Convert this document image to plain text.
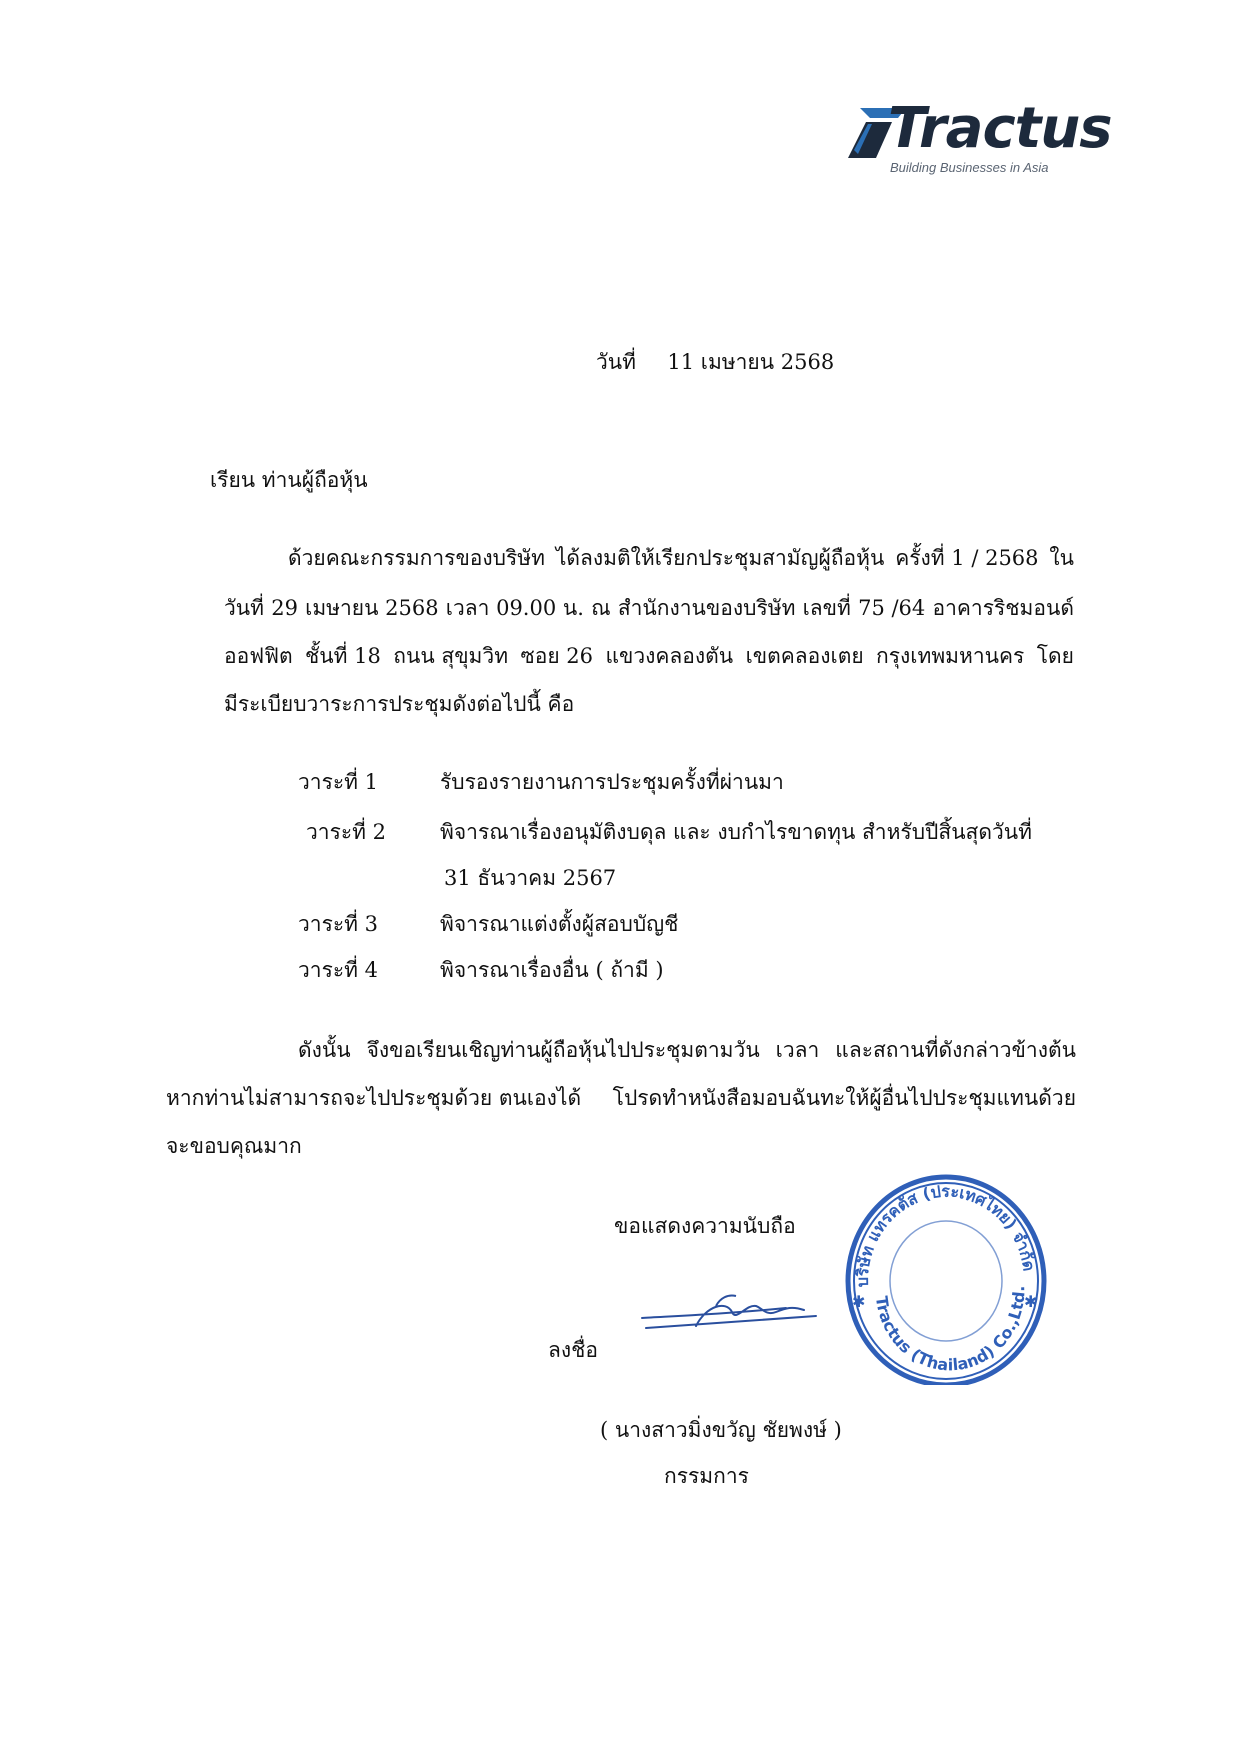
Tractus
Building Businesses in Asia
วันที่ 11 เมษายน 2568
เรียน ท่านผู้ถือหุ้น
ด้วยคณะกรรมการของบริษัท ได้ลงมติให้เรียกประชุมสามัญผู้ถือหุ้น ครั้งที่ 1 / 2568 ใน
วันที่ 29 เมษายน 2568 เวลา 09.00 น. ณ สำนักงานของบริษัท เลขที่ 75 /64 อาคารริชมอนด์
ออฟฟิต ชั้นที่ 18 ถนน สุขุมวิท ซอย 26 แขวงคลองตัน เขตคลองเตย กรุงเทพมหานคร โดย
มีระเบียบวาระการประชุมดังต่อไปนี้ คือ
วาระที่ 1	รับรองรายงานการประชุมครั้งที่ผ่านมา
วาระที่ 2	พิจารณาเรื่องอนุมัติงบดุล และ งบกำไรขาดทุน สำหรับปีสิ้นสุดวันที่
31 ธันวาคม 2567
วาระที่ 3	พิจารณาแต่งตั้งผู้สอบบัญชี
วาระที่ 4	พิจารณาเรื่องอื่น ( ถ้ามี )
ดังนั้น จึงขอเรียนเชิญท่านผู้ถือหุ้นไปประชุมตามวัน เวลา และสถานที่ดังกล่าวข้างต้น
หากท่านไม่สามารถจะไปประชุมด้วย ตนเองได้ โปรดทำหนังสือมอบฉันทะให้ผู้อื่นไปประชุมแทนด้วย
จะขอบคุณมาก
ขอแสดงความนับถือ
ลงชื่อ
( นางสาวมิ่งขวัญ ชัยพงษ์ )
กรรมการ
บริษัท แทรคตัส (ประเทศไทย) จำกัด
Tractus (Thailand) Co.,Ltd.
✱	✱
